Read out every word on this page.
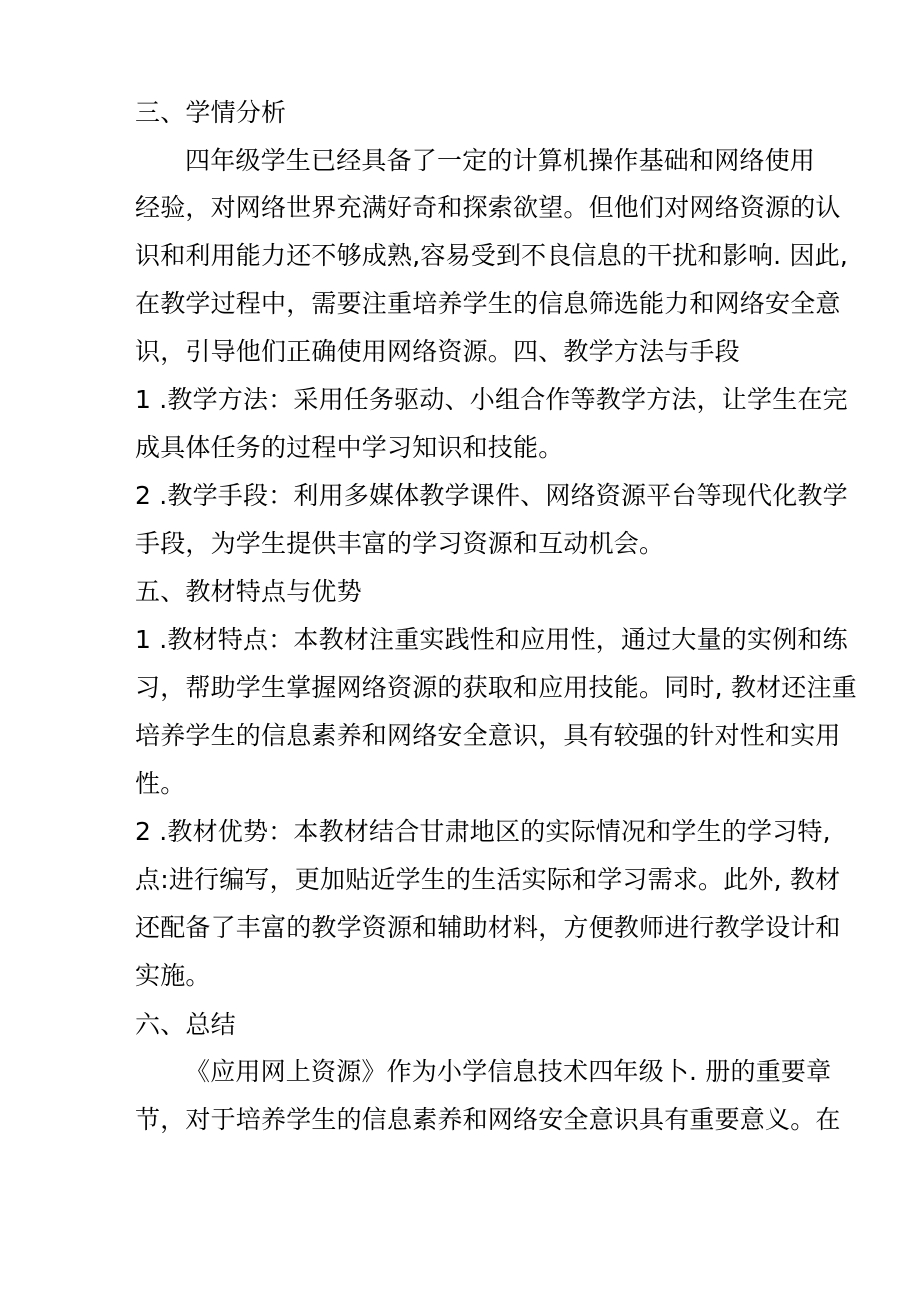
三、学情分析
四年级学生已经具备了一定的计算机操作基础和网络使用
经验，对网络世界充满好奇和探索欲望。但他们对网络资源的认
识和利用能力还不够成熟,容易受到不良信息的干扰和影响. 因此,
在教学过程中，需要注重培养学生的信息筛选能力和网络安全意
识，引导他们正确使用网络资源。四、教学方法与手段
1 .教学方法：采用任务驱动、小组合作等教学方法，让学生在完
成具体任务的过程中学习知识和技能。
2 .教学手段：利用多媒体教学课件、网络资源平台等现代化教学
手段，为学生提供丰富的学习资源和互动机会。
五、教材特点与优势
1 .教材特点：本教材注重实践性和应用性，通过大量的实例和练
习，帮助学生掌握网络资源的获取和应用技能。同时, 教材还注重
培养学生的信息素养和网络安全意识，具有较强的针对性和实用
性。
2 .教材优势：本教材结合甘肃地区的实际情况和学生的学习特,
点:进行编写，更加贴近学生的生活实际和学习需求。此外, 教材
还配备了丰富的教学资源和辅助材料，方便教师进行教学设计和
实施。
六、总结
《应用网上资源》作为小学信息技术四年级卜. 册的重要章
节，对于培养学生的信息素养和网络安全意识具有重要意义。在
